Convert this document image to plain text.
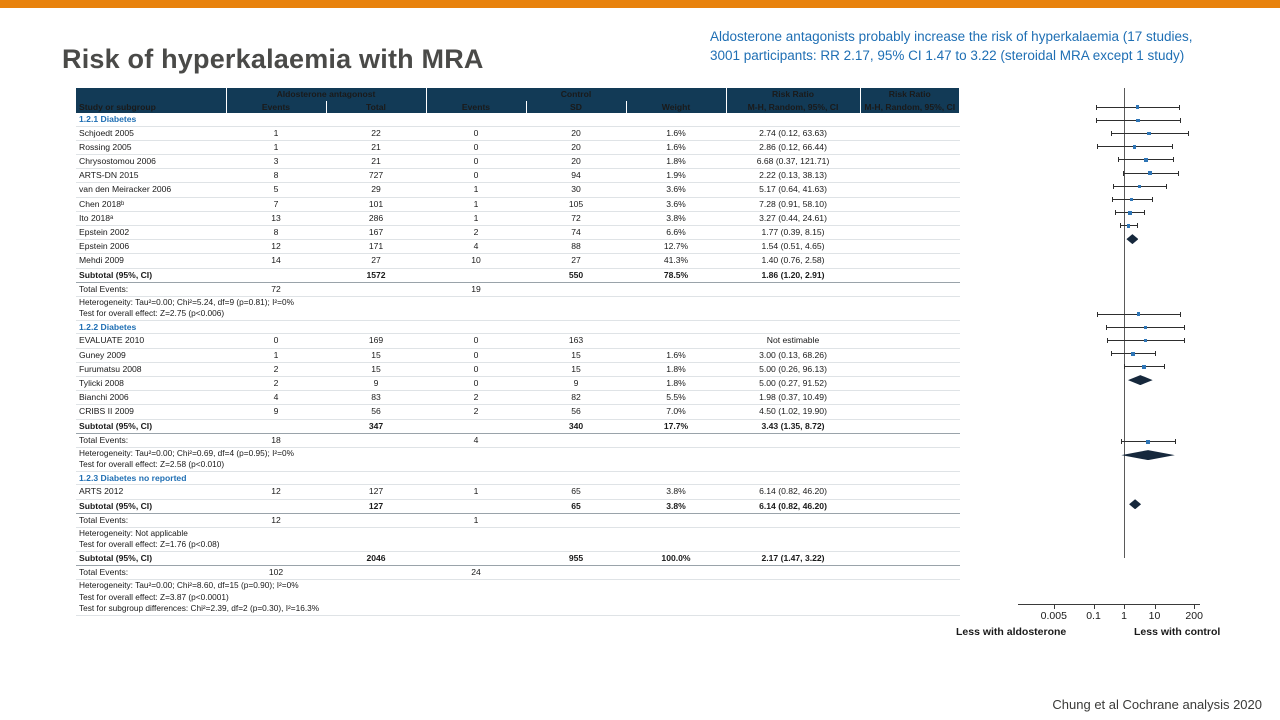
Risk of hyperkalaemia with MRA
Aldosterone antagonists probably increase the risk of hyperkalaemia (17 studies, 3001 participants: RR 2.17, 95% CI 1.47 to 3.22 (steroidal MRA except 1 study)
	Aldosterone antagonost		Control			Risk Ratio	Risk Ratio

Study or subgroup	Events	Total	Events	SD	Weight	M-H, Random, 95%, CI	M-H, Random, 95%, CI
1.2.1 Diabetes							
Schjoedt 2005	1	22	0	20	1.6%	2.74 (0.12, 63.63)	
Rossing 2005	1	21	0	20	1.6%	2.86 (0.12, 66.44)	
Chrysostomou 2006	3	21	0	20	1.8%	6.68 (0.37, 121.71)	
ARTS-DN 2015	8	727	0	94	1.9%	2.22 (0.13, 38.13)	
van den Meiracker 2006	5	29	1	30	3.6%	5.17 (0.64, 41.63)	
Chen 2018ᵇ	7	101	1	105	3.6%	7.28 (0.91, 58.10)	
Ito 2018ᵃ	13	286	1	72	3.8%	3.27 (0.44, 24.61)	
Epstein 2002	8	167	2	74	6.6%	1.77 (0.39, 8.15)	
Epstein 2006	12	171	4	88	12.7%	1.54 (0.51, 4.65)	
Mehdi 2009	14	27	10	27	41.3%	1.40 (0.76, 2.58)	
Subtotal (95%, CI)		1572		550	78.5%	1.86 (1.20, 2.91)	
Total Events:	72		19				
Heterogeneity: Tau²=0.00; Chi²=5.24, df=9 (p=0.81); I²=0%							
Test for overall effect: Z=2.75 (p<0.006)							
1.2.2 Diabetes							
EVALUATE 2010	0	169	0	163		Not estimable	
Guney 2009	1	15	0	15	1.6%	3.00 (0.13, 68.26)	
Furumatsu 2008	2	15	0	15	1.8%	5.00 (0.26, 96.13)	
Tylicki 2008	2	9	0	9	1.8%	5.00 (0.27, 91.52)	
Bianchi 2006	4	83	2	82	5.5%	1.98 (0.37, 10.49)	
CRIBS II 2009	9	56	2	56	7.0%	4.50 (1.02, 19.90)	
Subtotal (95%, CI)		347		340	17.7%	3.43 (1.35, 8.72)	
Total Events:	18		4				
Heterogeneity: Tau²=0.00; Chi²=0.69, df=4 (p=0.95); I²=0%							
Test for overall effect: Z=2.58 (p<0.010)							
1.2.3 Diabetes no reported							
ARTS 2012	12	127	1	65	3.8%	6.14 (0.82, 46.20)	
Subtotal (95%, CI)		127		65	3.8%	6.14 (0.82, 46.20)	
Total Events:	12		1				
Heterogeneity: Not applicable							
Test for overall effect: Z=1.76 (p<0.08)							
Subtotal (95%, CI)		2046		955	100.0%	2.17 (1.47, 3.22)	
Total Events:	102		24				
Heterogeneity: Tau²=0.00; Chi²=8.60, df=15 (p=0.90); I²=0%							
Test for overall effect: Z=3.87 (p<0.0001)							
Test for subgroup differences: Chi²=2.39, df=2 (p=0.30), I²=16.3%							
0.005 0.1 1 10 200
Less with aldosterone	Less with control
Chung et al Cochrane analysis 2020
